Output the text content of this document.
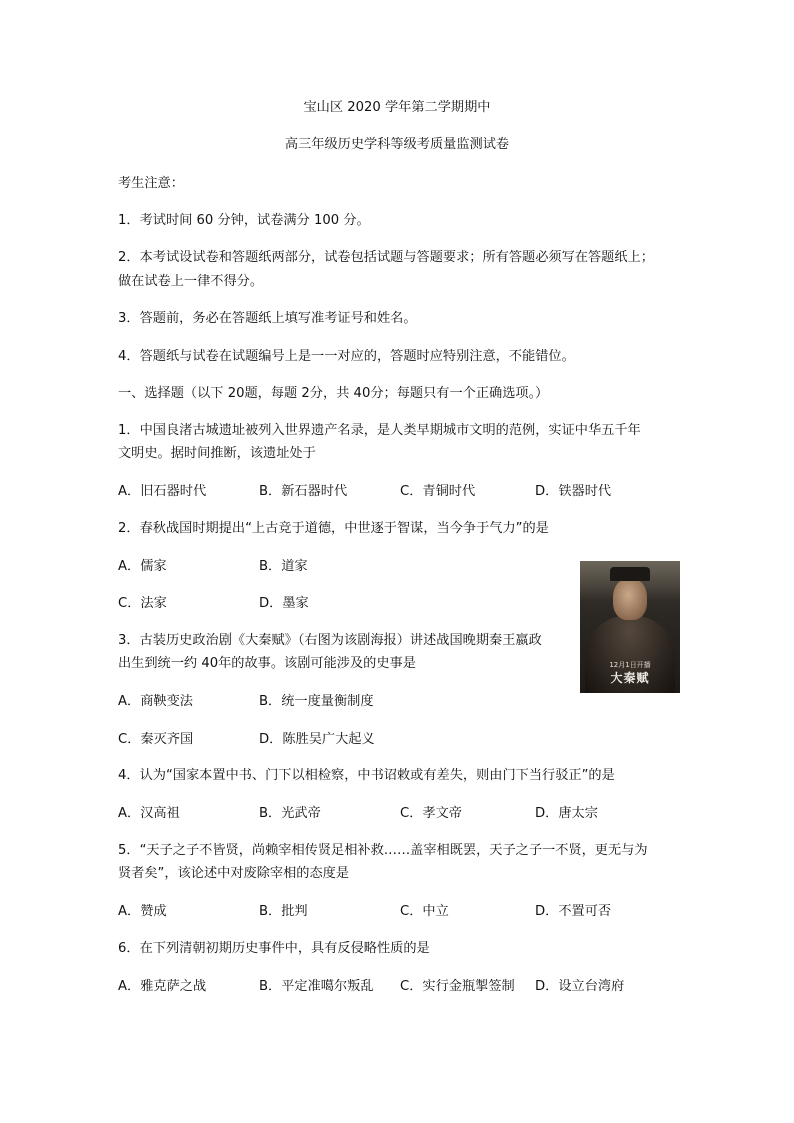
宝山区 2020 学年第二学期期中
高三年级历史学科等级考质量监测试卷
考生注意：
1．考试时间 60 分钟，试卷满分 100 分。
2．本考试设试卷和答题纸两部分，试卷包括试题与答题要求；所有答题必须写在答题纸上；
做在试卷上一律不得分。
3．答题前，务必在答题纸上填写准考证号和姓名。
4．答题纸与试卷在试题编号上是一一对应的，答题时应特别注意，不能错位。
一、选择题（以下 20题，每题 2分，共 40分；每题只有一个正确选项。）
1．中国良渚古城遗址被列入世界遗产名录，是人类早期城市文明的范例，实证中华五千年
文明史。据时间推断，该遗址处于
A．旧石器时代	B．新石器时代	C．青铜时代	D．铁器时代
2．春秋战国时期提出“上古竞于道德，中世逐于智谋，当今争于气力”的是
A．儒家	B．道家
C．法家	D．墨家
12月1日开播
大秦赋
3．古装历史政治剧《大秦赋》（右图为该剧海报）讲述战国晚期秦王嬴政
出生到统一约 40年的故事。该剧可能涉及的史事是
A．商鞅变法	B．统一度量衡制度
C．秦灭齐国	D．陈胜吴广大起义
4．认为“国家本置中书、门下以相检察，中书诏敕或有差失，则由门下当行驳正”的是
A．汉高祖	B．光武帝	C．孝文帝	D．唐太宗
5．“天子之子不皆贤，尚赖宰相传贤足相补救……盖宰相既罢，天子之子一不贤，更无与为
贤者矣”，该论述中对废除宰相的态度是
A．赞成	B．批判	C．中立	D．不置可否
6．在下列清朝初期历史事件中，具有反侵略性质的是
A．雅克萨之战	B．平定准噶尔叛乱 C．实行金瓶掣签制 D．设立台湾府
